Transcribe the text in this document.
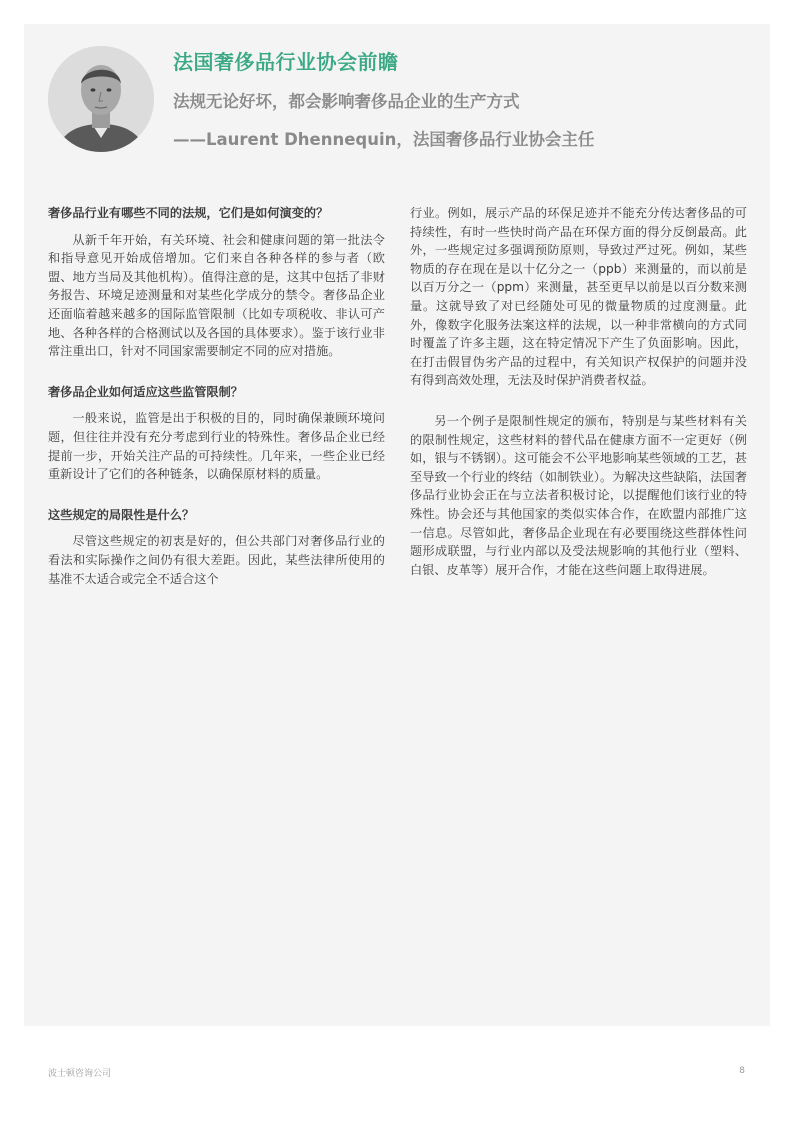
法国奢侈品行业协会前瞻
法规无论好坏，都会影响奢侈品企业的生产方式
——Laurent Dhennequin，法国奢侈品行业协会主任
奢侈品行业有哪些不同的法规，它们是如何演变的？
从新千年开始，有关环境、社会和健康问题的第一批法令和指导意见开始成倍增加。它们来自各种各样的参与者（欧盟、地方当局及其他机构）。值得注意的是，这其中包括了非财务报告、环境足迹测量和对某些化学成分的禁令。奢侈品企业还面临着越来越多的国际监管限制（比如专项税收、非认可产地、各种各样的合格测试以及各国的具体要求）。鉴于该行业非常注重出口，针对不同国家需要制定不同的应对措施。
奢侈品企业如何适应这些监管限制？
一般来说，监管是出于积极的目的，同时确保兼顾环境问题，但往往并没有充分考虑到行业的特殊性。奢侈品企业已经提前一步，开始关注产品的可持续性。几年来，一些企业已经重新设计了它们的各种链条，以确保原材料的质量。
这些规定的局限性是什么？
尽管这些规定的初衷是好的，但公共部门对奢侈品行业的看法和实际操作之间仍有很大差距。因此，某些法律所使用的基准不太适合或完全不适合这个
行业。例如，展示产品的环保足迹并不能充分传达奢侈品的可持续性，有时一些快时尚产品在环保方面的得分反倒最高。此外，一些规定过多强调预防原则，导致过严过死。例如，某些物质的存在现在是以十亿分之一（ppb）来测量的，而以前是以百万分之一（ppm）来测量，甚至更早以前是以百分数来测量。这就导致了对已经随处可见的微量物质的过度测量。此外，像数字化服务法案这样的法规，以一种非常横向的方式同时覆盖了许多主题，这在特定情况下产生了负面影响。因此，在打击假冒伪劣产品的过程中，有关知识产权保护的问题并没有得到高效处理，无法及时保护消费者权益。
另一个例子是限制性规定的颁布，特别是与某些材料有关的限制性规定，这些材料的替代品在健康方面不一定更好（例如，银与不锈钢）。这可能会不公平地影响某些领域的工艺，甚至导致一个行业的终结（如制铁业）。为解决这些缺陷，法国奢侈品行业协会正在与立法者积极讨论，以提醒他们该行业的特殊性。协会还与其他国家的类似实体合作，在欧盟内部推广这一信息。尽管如此，奢侈品企业现在有必要围绕这些群体性问题形成联盟，与行业内部以及受法规影响的其他行业（塑料、白银、皮革等）展开合作，才能在这些问题上取得进展。
波士顿咨询公司	8
